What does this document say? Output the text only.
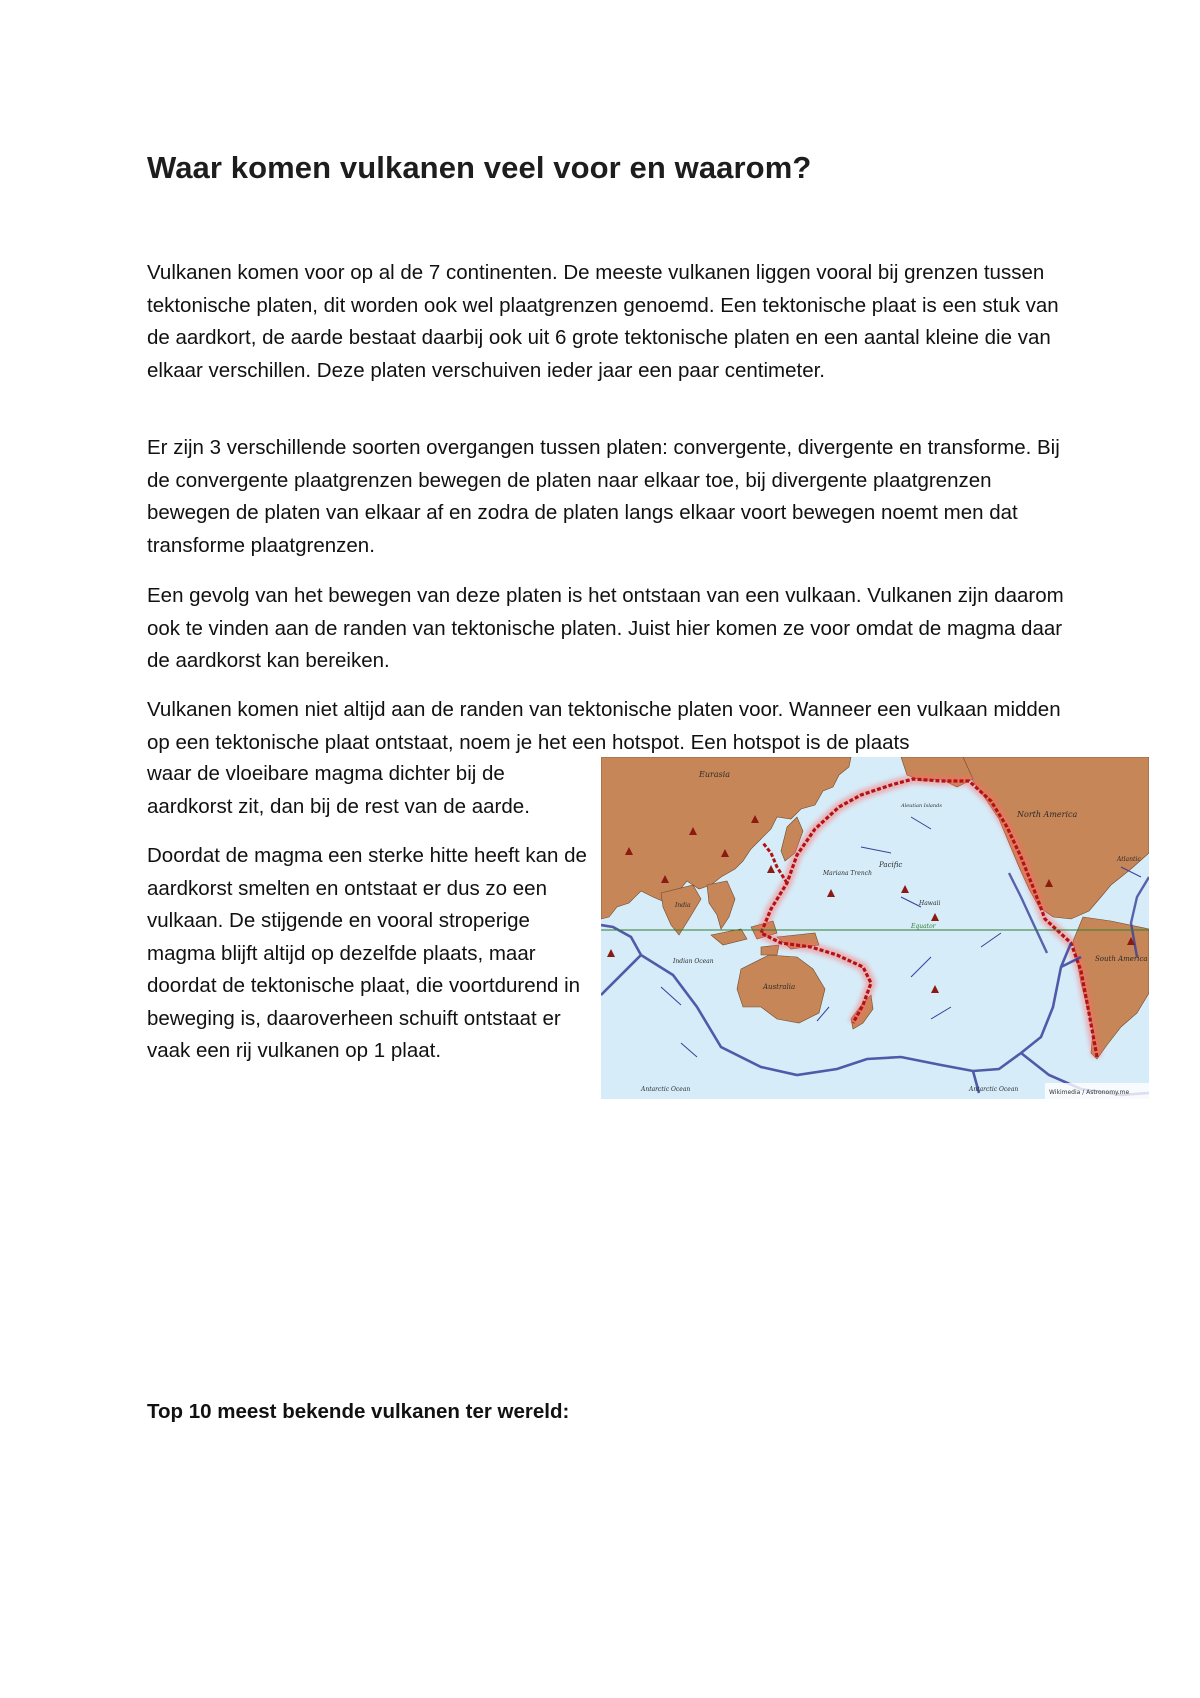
Waar komen vulkanen veel voor en waarom?

Vulkanen komen voor op al de 7 continenten. De meeste vulkanen liggen vooral bij grenzen tussen tektonische platen, dit worden ook wel plaatgrenzen genoemd. Een tektonische plaat is een stuk van de aardkort, de aarde bestaat daarbij ook uit 6 grote tektonische platen en een aantal kleine die van elkaar verschillen. Deze platen verschuiven ieder jaar een paar centimeter.

Er zijn 3 verschillende soorten overgangen tussen platen: convergente, divergente en transforme. Bij de convergente plaatgrenzen bewegen de platen naar elkaar toe, bij divergente plaatgrenzen bewegen de platen van elkaar af en zodra de platen langs elkaar voort bewegen noemt men dat transforme plaatgrenzen.

Een gevolg van het bewegen van deze platen is het ontstaan van een vulkaan. Vulkanen zijn daarom ook te vinden aan de randen van tektonische platen. Juist hier komen ze voor omdat de magma daar de aardkorst kan bereiken.

Vulkanen komen niet altijd aan de randen van tektonische platen voor. Wanneer een vulkaan midden op een tektonische plaat ontstaat, noem je het een hotspot. Een hotspot is de plaats

waar de vloeibare magma dichter bij de aardkorst zit, dan bij de rest van de aarde.

Doordat de magma een sterke hitte heeft kan de aardkorst smelten en ontstaat er dus zo een vulkaan. De stijgende en vooral stroperige magma blijft altijd op dezelfde plaats, maar doordat de tektonische plaat, die voortdurend in beweging is, daaroverheen schuift ontstaat er vaak een rij vulkanen op 1 plaat.

Eurasia
North America
Aleutian Islands
Pacific
Mariana Trench
Hawaii
India
Equator
South America
Indian Ocean
Australia
Atlantic
Antarctic Ocean	Antarctic Ocean	Wikimedia / Astronomy.me
Top 10 meest bekende vulkanen ter wereld:
